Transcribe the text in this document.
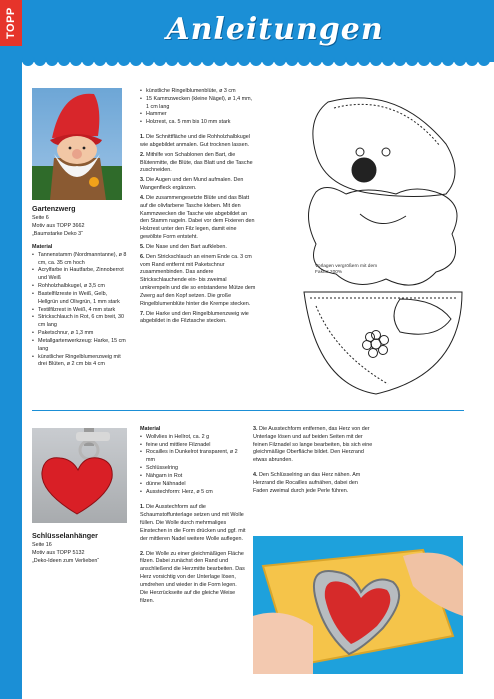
TOPP	Anleitungen
Gartenzwerg
Seite 6
Motiv aus TOPP 3662
„Baumstarke Deko 3“
Material
• Tannenstamm (Nordmanntanne), ø 8 cm, ca. 35 cm hoch
• Acrylfarbe in Hautfarbe, Zinnoberrot und Weiß
• Rohholzhalbkugel, ø 3,5 cm
• Bastelfilzreste in Weiß, Gelb, Hellgrün und Olivgrün, 1 mm stark
• Textilfilzrest in Weiß, 4 mm stark
• Strickschlauch in Rot, 6 cm breit, 30 cm lang
• Paketschnur, ø 1,3 mm
• Metallgartenwerkzeug: Harke, 15 cm lang
• künstlicher Ringelblumenzweig mit drei Blüten, ø 2 cm bis 4 cm
• künstliche Ringelblumenblüte, ø 3 cm
• 15 Kammzwecken (kleine Nägel), ø 1,4 mm, 1 cm lang
• Hammer
• Holzrest, ca. 5 mm bis 10 mm stark

1. Die Schnittfläche und die Rohholzhalbkugel wie abgebildet anmalen. Gut trocknen lassen.

2. Mithilfe von Schablonen den Bart, die Blütenmitte, die Blüte, das Blatt und die Tasche zuschneiden.

3. Die Augen und den Mund aufmalen. Den Wangenfleck ergänzen.

4. Die zusammengesetzte Blüte und das Blatt auf die olivfarbene Tasche kleben. Mit den Kammzwecken die Tasche wie abgebildet an den Stamm nageln. Dabei vor dem Fixieren den Holzrest unter den Filz legen, damit eine gewölbte Form entsteht.

5. Die Nase und den Bart aufkleben.

6. Den Strickschlauch an einem Ende ca. 3 cm vom Rand entfernt mit Paketschnur zusammenbinden. Das andere Strickschlauchende ein- bis zweimal umkrempeln und die so entstandene Mütze dem Zwerg auf den Kopf setzen. Die große Ringelblumenblüte hinter die Krempe stecken.

7. Die Harke und den Ringelblumenzweig wie abgebildet in die Filztasche stecken.

Vorlagen vergrößern mit dem Faktor 200%
Schlüsselanhänger
Seite 16
Motiv aus TOPP 5132
„Deko-Ideen zum Verlieben“
Material
• Wollvlies in Hellrot, ca. 2 g
• feine und mittlere Filznadel
• Rocailles in Dunkelrot transparent, ø 2 mm
• Schlüsselring
• Nähgarn in Rot
• dünne Nähnadel
• Ausstechform: Herz, ø 5 cm

1. Die Ausstechform auf die Schaumstoffunterlage setzen und mit Wolle füllen. Die Wolle durch mehrmaliges Einstechen in die Form drücken und ggf. mit der mittleren Nadel weitere Wolle auflegen.

2. Die Wolle zu einer gleichmäßigen Fläche filzen. Dabei zunächst den Rand und anschließend die Herzmitte bearbeiten. Das Herz vorsichtig von der Unterlage lösen, umdrehen und wieder in die Form legen. Die Herzrückseite auf die gleiche Weise filzen.

3. Die Ausstechform entfernen, das Herz von der Unterlage lösen und auf beiden Seiten mit der feinen Filznadel so lange bearbeiten, bis sich eine gleichmäßige Oberfläche bildet. Den Herzrand etwas abrunden.

4. Den Schlüsselring an das Herz nähen. Am Herzrand die Rocailles aufnähen, dabei den Faden zweimal durch jede Perle führen.
